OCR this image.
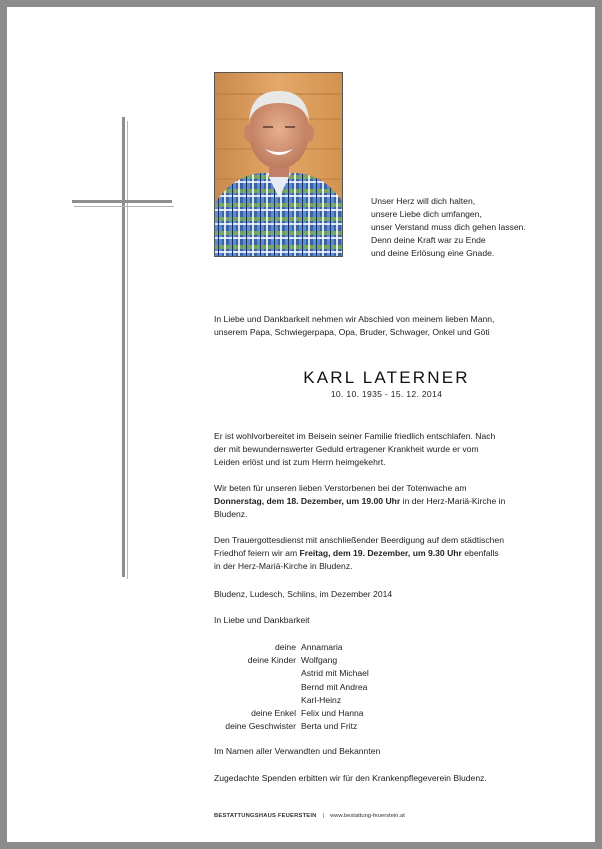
Unser Herz will dich halten,
unsere Liebe dich umfangen,
unser Verstand muss dich gehen lassen.
Denn deine Kraft war zu Ende
und deine Erlösung eine Gnade.
In Liebe und Dankbarkeit nehmen wir Abschied von meinem lieben Mann,
unserem Papa, Schwiegerpapa, Opa, Bruder, Schwager, Onkel und Göti
KARL LATERNER
10. 10. 1935 - 15. 12. 2014
Er ist wohlvorbereitet im Beisein seiner Familie friedlich entschlafen. Nach
der mit bewundernswerter Geduld ertragener Krankheit wurde er vom
Leiden erlöst und ist zum Herrn heimgekehrt.
Wir beten für unseren lieben Verstorbenen bei der Totenwache am
Donnerstag, dem 18. Dezember, um 19.00 Uhr in der Herz-Mariä-Kirche in
Bludenz.
Den Trauergottesdienst mit anschließender Beerdigung auf dem städtischen
Friedhof feiern wir am Freitag, dem 19. Dezember, um 9.30 Uhr ebenfalls
in der Herz-Mariä-Kirche in Bludenz.
Bludenz, Ludesch, Schlins, im Dezember 2014
In Liebe und Dankbarkeit
deine Annamaria
deine Kinder Wolfgang
Astrid mit Michael
Bernd mit Andrea
Karl-Heinz
deine Enkel Felix und Hanna
deine Geschwister Berta und Fritz
Im Namen aller Verwandten und Bekannten
Zugedachte Spenden erbitten wir für den Krankenpflegeverein Bludenz.
BESTATTUNGSHAUS FEUERSTEIN | www.bestattung-feuerstein.at
